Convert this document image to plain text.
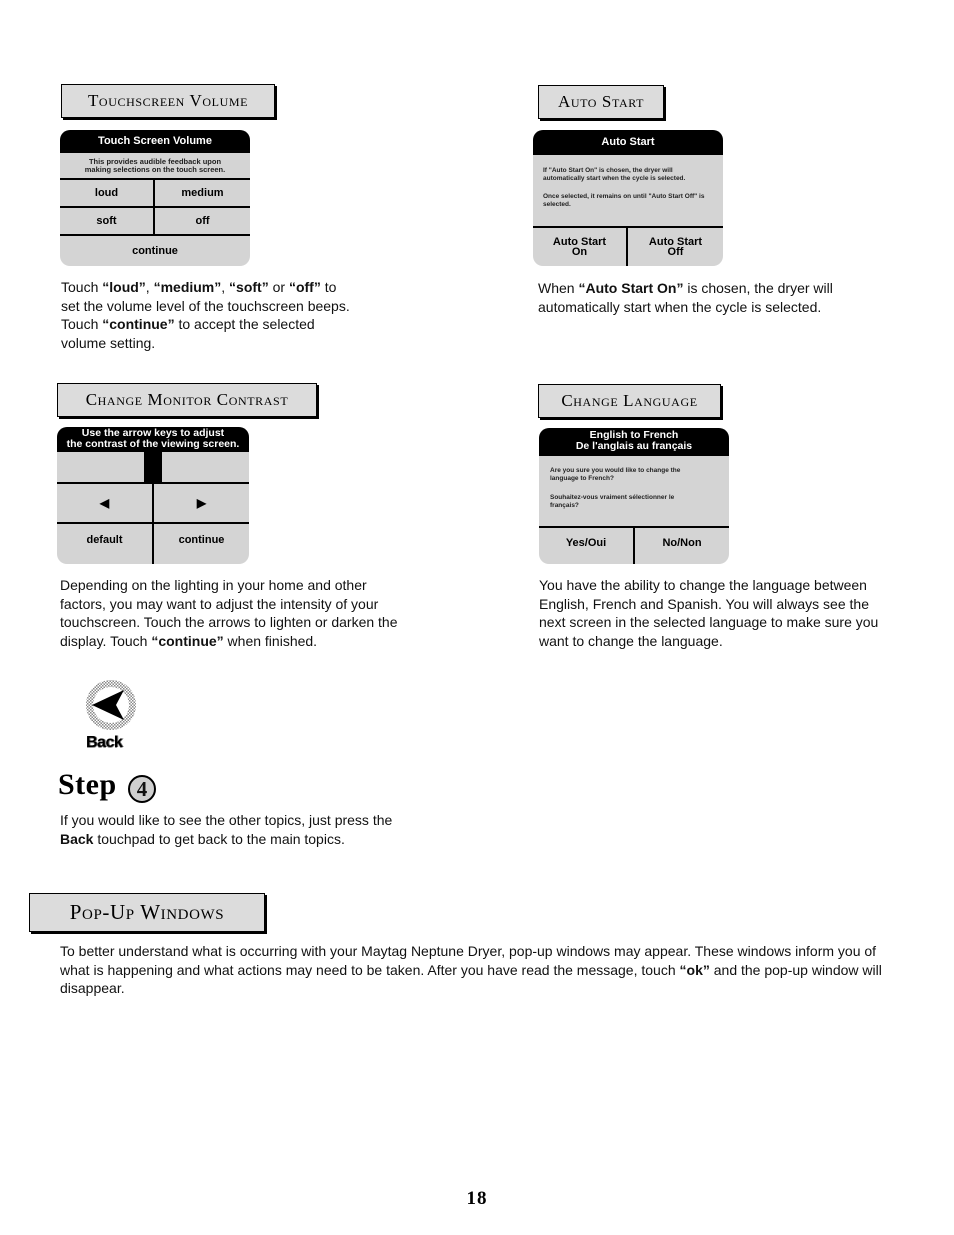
Touchscreen Volume
Touch Screen Volume
This provides audible feedback upon making selections on the touch screen.
loud	medium
soft	off
continue
Touch “loud”, “medium”, “soft” or “off” to set the volume level of the touchscreen beeps. Touch “continue” to accept the selected volume setting.
Auto Start
Auto Start
If "Auto Start On" is chosen, the dryer will automatically start when the cycle is selected.
Once selected, it remains on until "Auto Start Off" is selected.
Auto Start
On
Auto Start
Off
When “Auto Start On” is chosen, the dryer will automatically start when the cycle is selected.
Change Monitor Contrast
Use the arrow keys to adjust
the contrast of the viewing screen.
◀	▶
default	continue
Depending on the lighting in your home and other factors, you may want to adjust the intensity of your touchscreen. Touch the arrows to lighten or darken the display. Touch “continue” when finished.
Change Language
English to French
De l'anglais au français
Are you sure you would like to change the language to French?
Souhaitez-vous vraiment sélectionner le français?
Yes/Oui	No/Non
You have the ability to change the language between English, French and Spanish. You will always see the next screen in the selected language to make sure you want to change the language.
Back
Step 4
If you would like to see the other topics, just press the Back touchpad to get back to the main topics.
Pop-Up Windows
To better understand what is occurring with your Maytag Neptune Dryer, pop-up windows may appear. These windows inform you of what is happening and what actions may need to be taken. After you have read the message, touch “ok” and the pop-up window will disappear.
18
